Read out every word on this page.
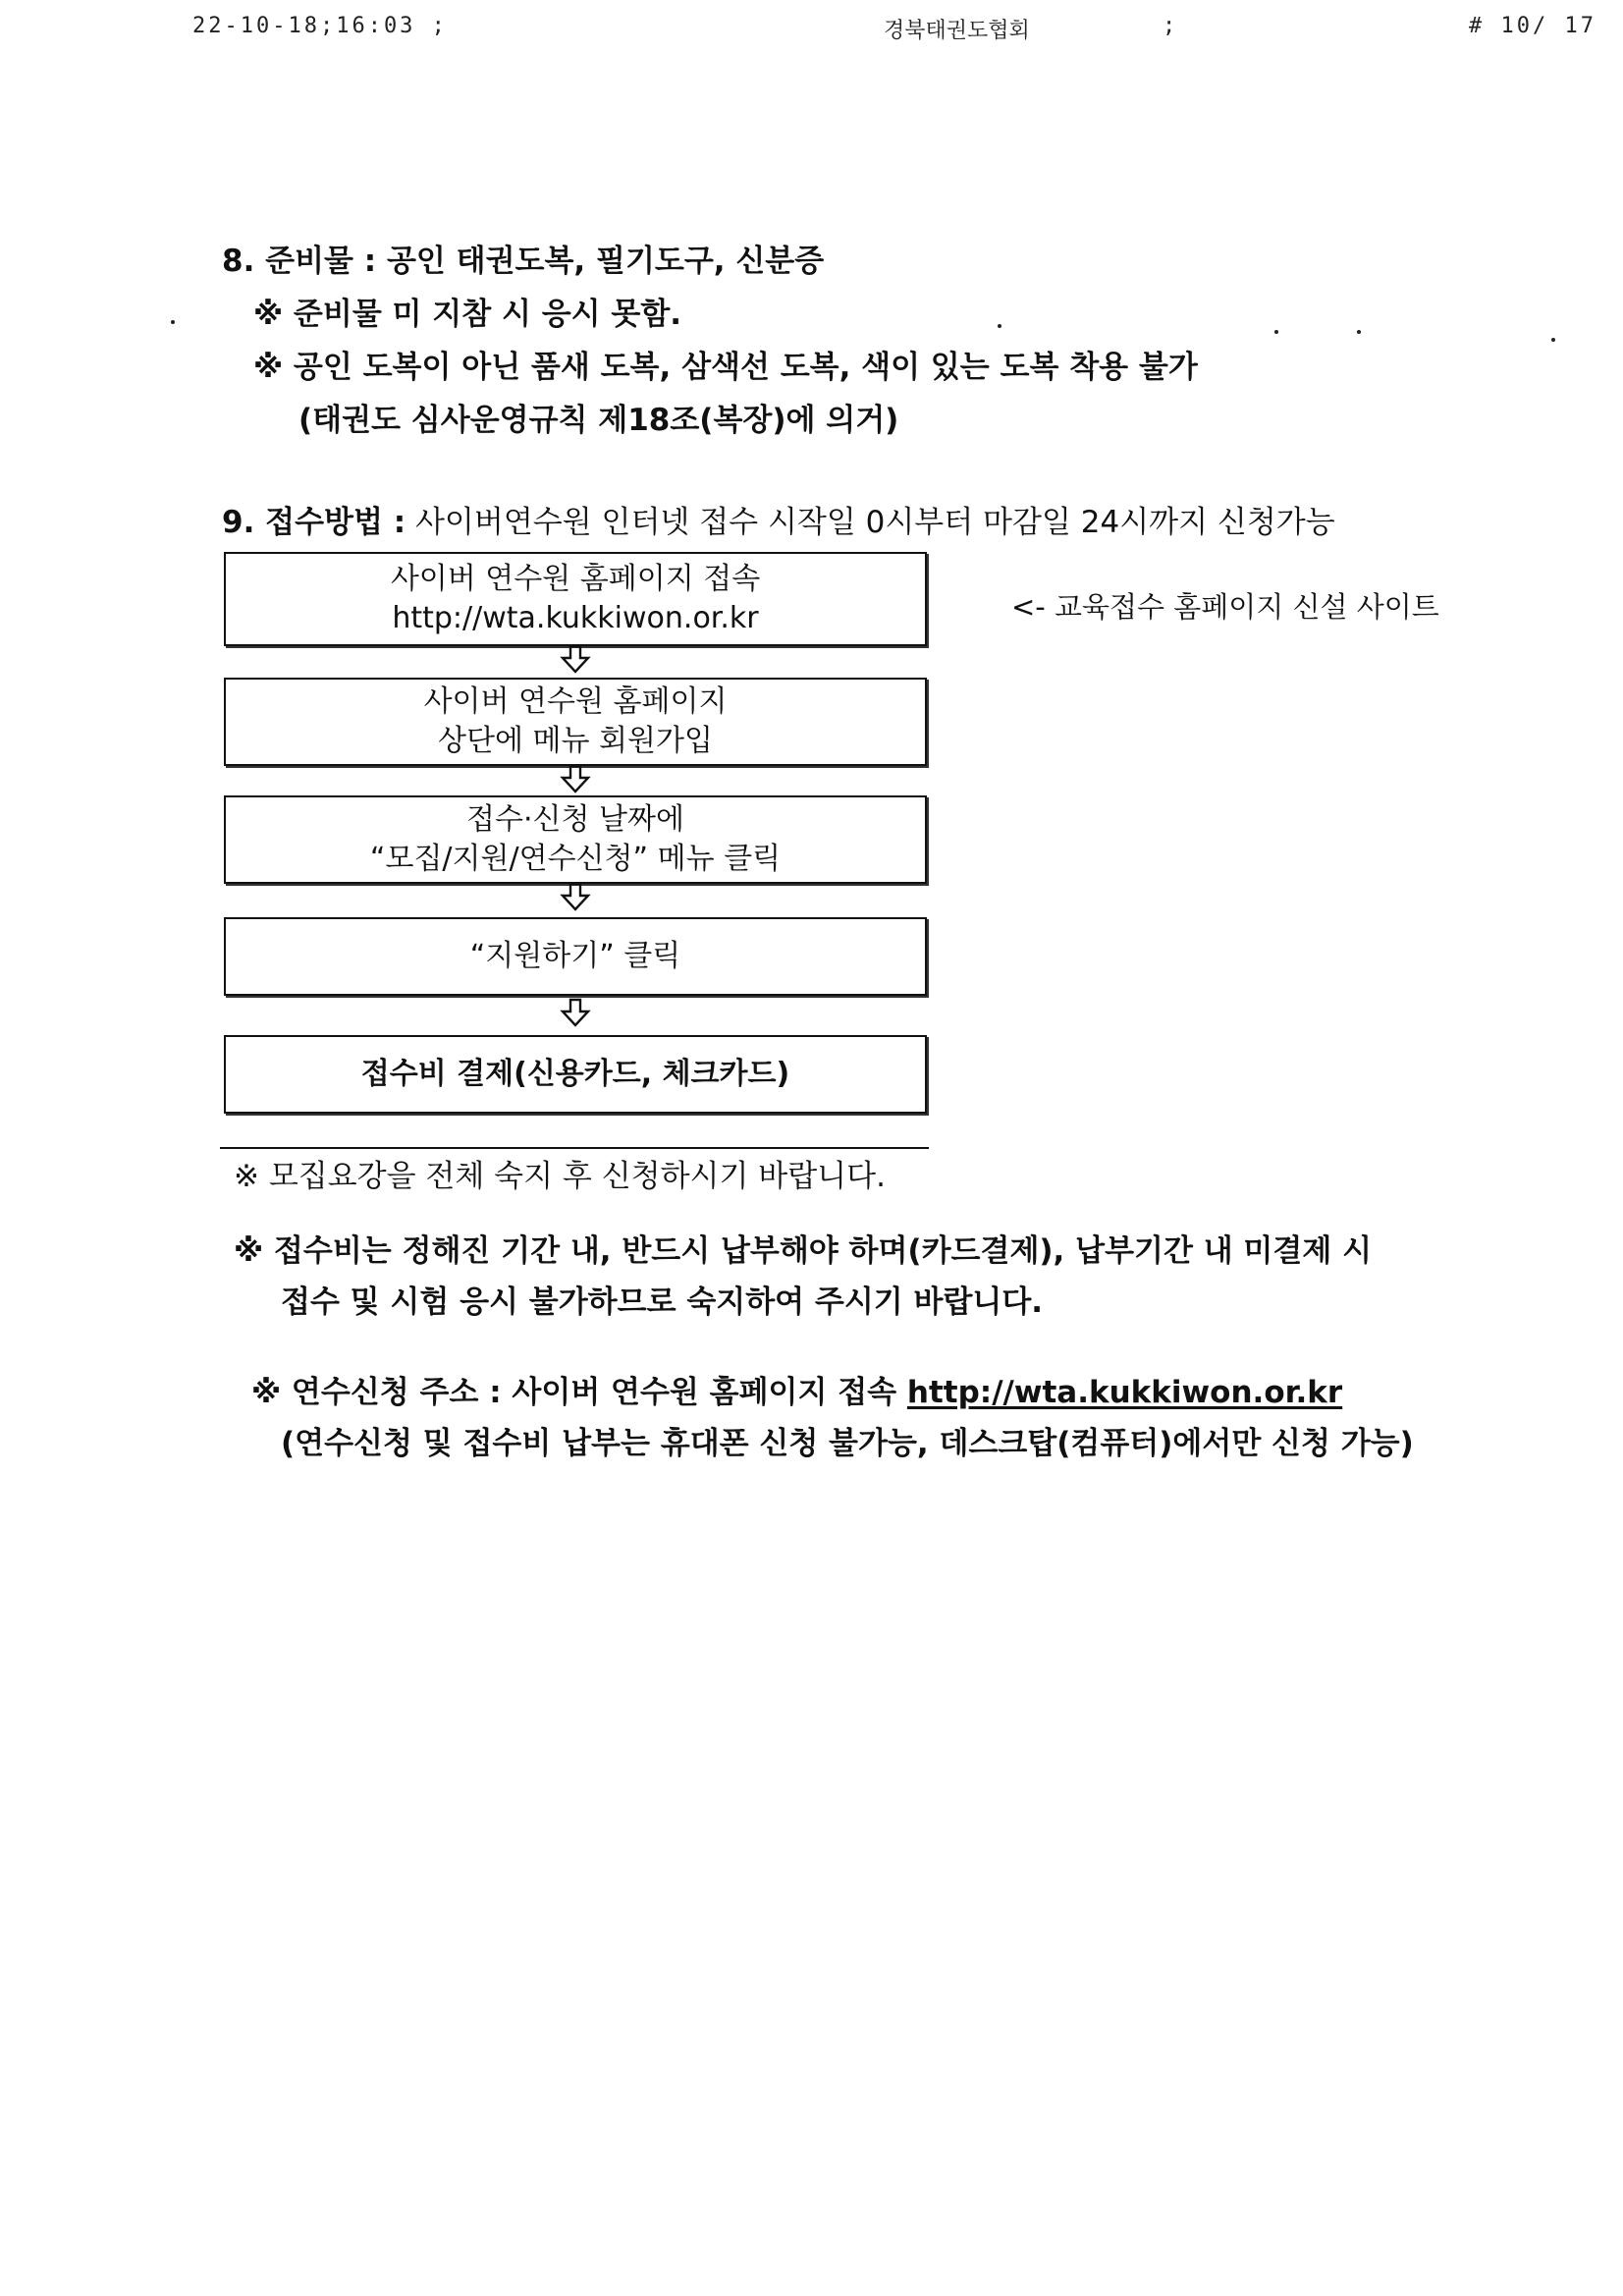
22-10-18;16:03 ;	경북태권도협회	;	# 10/ 17
8. 준비물 : 공인 태권도복, 필기도구, 신분증
※ 준비물 미 지참 시 응시 못함.
※ 공인 도복이 아닌 품새 도복, 삼색선 도복, 색이 있는 도복 착용 불가
(태권도 심사운영규칙 제18조(복장)에 의거)
9. 접수방법 : 사이버연수원 인터넷 접수 시작일 0시부터 마감일 24시까지 신청가능
사이버 연수원 홈페이지 접속
http://wta.kukkiwon.or.kr	<- 교육접수 홈페이지 신설 사이트
사이버 연수원 홈페이지
상단에 메뉴 회원가입
접수·신청 날짜에
“모집/지원/연수신청” 메뉴 클릭
“지원하기” 클릭
접수비 결제(신용카드, 체크카드)
※ 모집요강을 전체 숙지 후 신청하시기 바랍니다.
※ 접수비는 정해진 기간 내, 반드시 납부해야 하며(카드결제), 납부기간 내 미결제 시
접수 및 시험 응시 불가하므로 숙지하여 주시기 바랍니다.
※ 연수신청 주소 : 사이버 연수원 홈페이지 접속 http://wta.kukkiwon.or.kr
(연수신청 및 접수비 납부는 휴대폰 신청 불가능, 데스크탑(컴퓨터)에서만 신청 가능)
